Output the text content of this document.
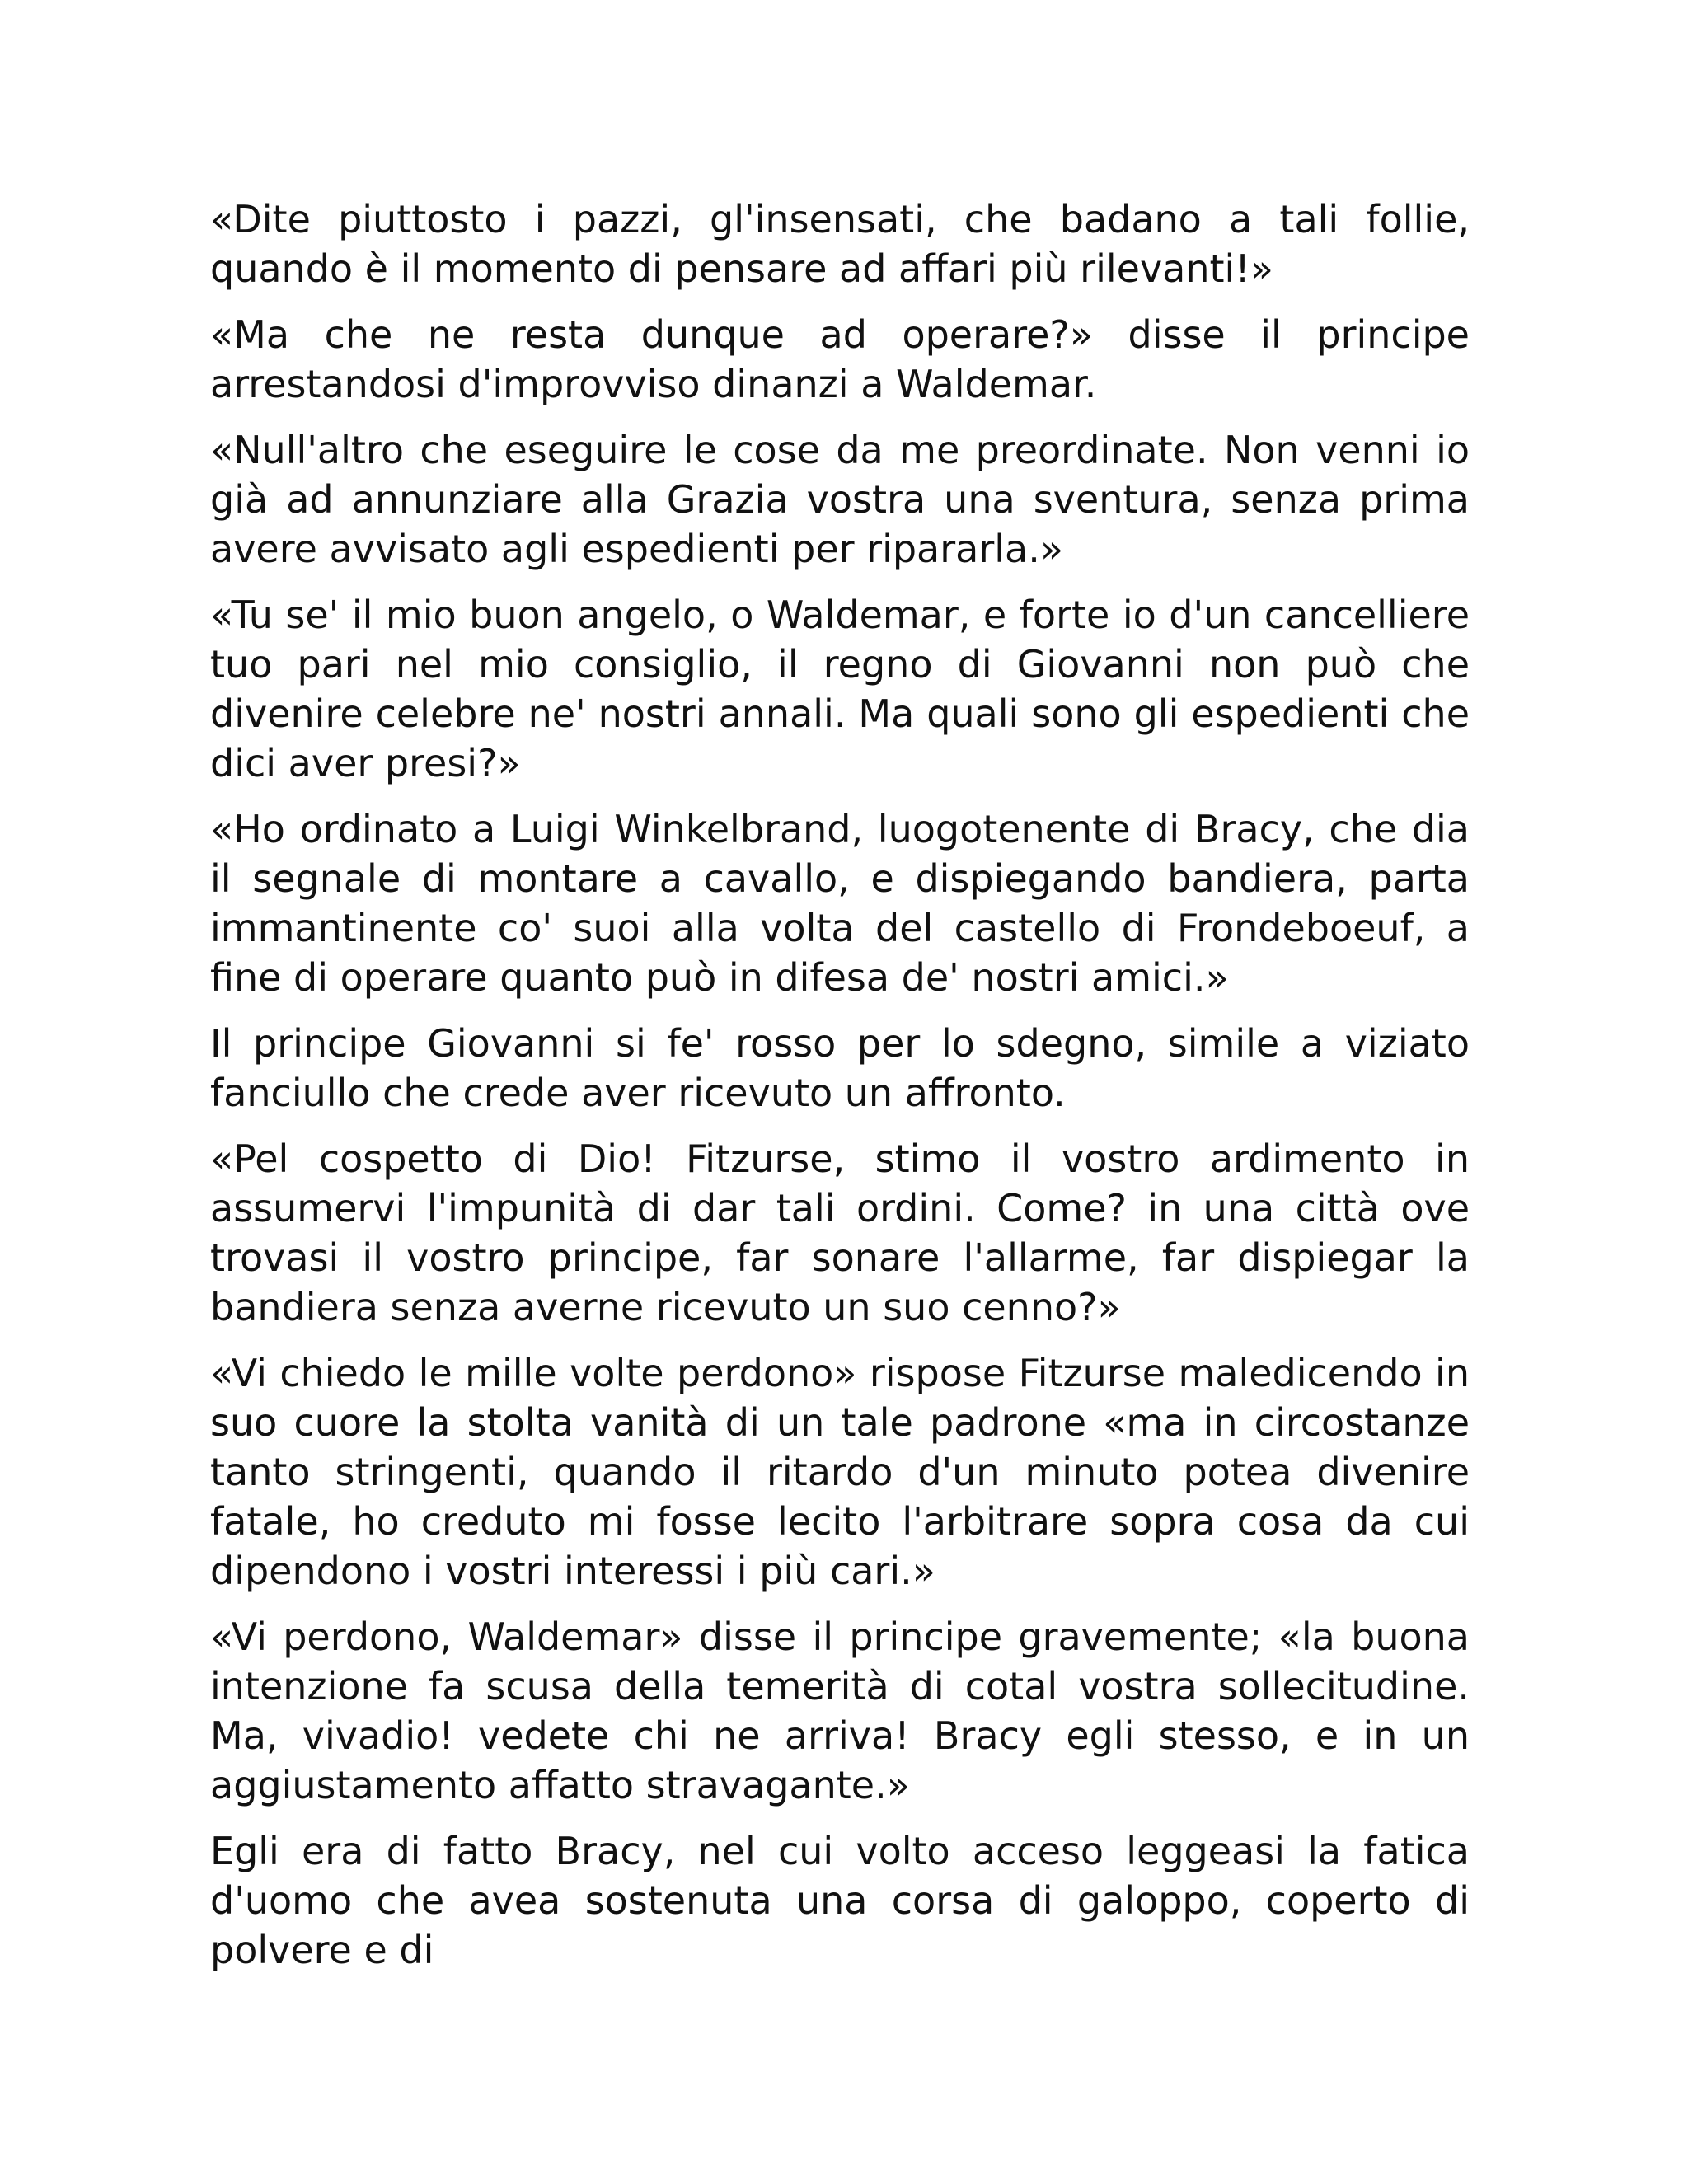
«Dite piuttosto i pazzi, gl'insensati, che badano a tali follie, quando è il momento di pensare ad affari più rilevanti!»

«Ma che ne resta dunque ad operare?» disse il principe arrestandosi d'improvviso dinanzi a Waldemar.

«Null'altro che eseguire le cose da me preordinate. Non venni io già ad annunziare alla Grazia vostra una sventura, senza prima avere avvisato agli espedienti per ripararla.»

«Tu se' il mio buon angelo, o Waldemar, e forte io d'un cancelliere tuo pari nel mio consiglio, il regno di Giovanni non può che divenire celebre ne' nostri annali. Ma quali sono gli espedienti che dici aver presi?»

«Ho ordinato a Luigi Winkelbrand, luogotenente di Bracy, che dia il segnale di montare a cavallo, e dispiegando bandiera, parta immantinente co' suoi alla volta del castello di Frondeboeuf, a fine di operare quanto può in difesa de' nostri amici.»

Il principe Giovanni si fe' rosso per lo sdegno, simile a viziato fanciullo che crede aver ricevuto un affronto.

«Pel cospetto di Dio! Fitzurse, stimo il vostro ardimento in assumervi l'impunità di dar tali ordini. Come? in una città ove trovasi il vostro principe, far sonare l'allarme, far dispiegar la bandiera senza averne ricevuto un suo cenno?»

«Vi chiedo le mille volte perdono» rispose Fitzurse maledicendo in suo cuore la stolta vanità di un tale padrone «ma in circostanze tanto stringenti, quando il ritardo d'un minuto potea divenire fatale, ho creduto mi fosse lecito l'arbitrare sopra cosa da cui dipendono i vostri interessi i più cari.»

«Vi perdono, Waldemar» disse il principe gravemente; «la buona intenzione fa scusa della temerità di cotal vostra sollecitudine. Ma, vivadio! vedete chi ne arriva! Bracy egli stesso, e in un aggiustamento affatto stravagante.»

Egli era di fatto Bracy, nel cui volto acceso leggeasi la fatica d'uomo che avea sostenuta una corsa di galoppo, coperto di polvere e di
